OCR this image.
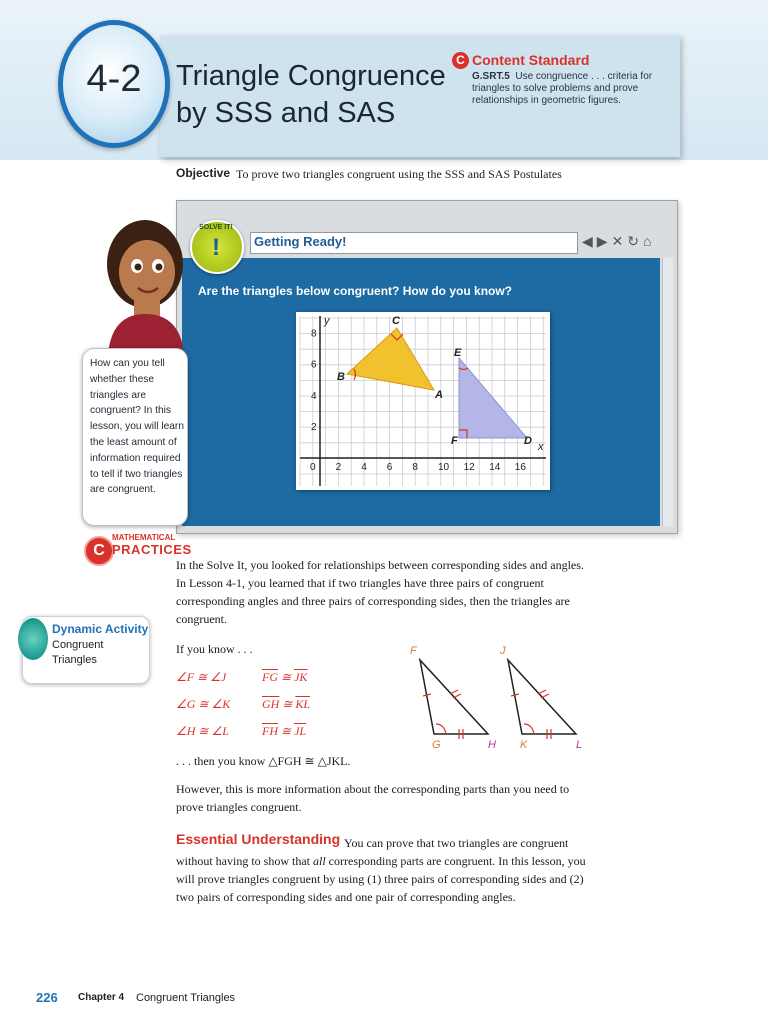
4-2	Triangle Congruence
by SSS and SAS
C Content Standard
G.SRT.5 Use congruence . . . criteria for triangles to solve problems and prove relationships in geometric figures.
Objective To prove two triangles congruent using the SSS and SAS Postulates
Getting Ready!	◀▶✕↻⌂
SOLVE IT!
!
Are the triangles below congruent? How do you know?
B
C
A
E
F	D x
y
0 2 4 6 8 10 12 14 16
2
4
6
8
How can you tell whether these triangles are congruent? In this lesson, you will learn the least amount of information required to tell if two triangles are congruent.
C
MATHEMATICAL
PRACTICES
Dynamic Activity
Congruent
Triangles
In the Solve It, you looked for relationships between corresponding sides and angles. In Lesson 4-1, you learned that if two triangles have three pairs of congruent corresponding angles and three pairs of corresponding sides, then the triangles are congruent.
If you know . . .
∠F ≅ ∠J	$\overline{FG}$ ≅ $\overline{JK}$
∠G ≅ ∠K	$\overline{GH}$ ≅ $\overline{KL}$
∠H ≅ ∠L	$\overline{FH}$ ≅ $\overline{JL}$
. . . then you know △FGH ≅ △JKL.
F
G	H
J
K	L
However, this is more information about the corresponding parts than you need to prove triangles congruent.
Essential Understanding You can prove that two triangles are congruent
without having to show that all corresponding parts are congruent. In this lesson, you will prove triangles congruent by using (1) three pairs of corresponding sides and (2) two pairs of corresponding sides and one pair of corresponding angles.
226 Chapter 4 Congruent Triangles
